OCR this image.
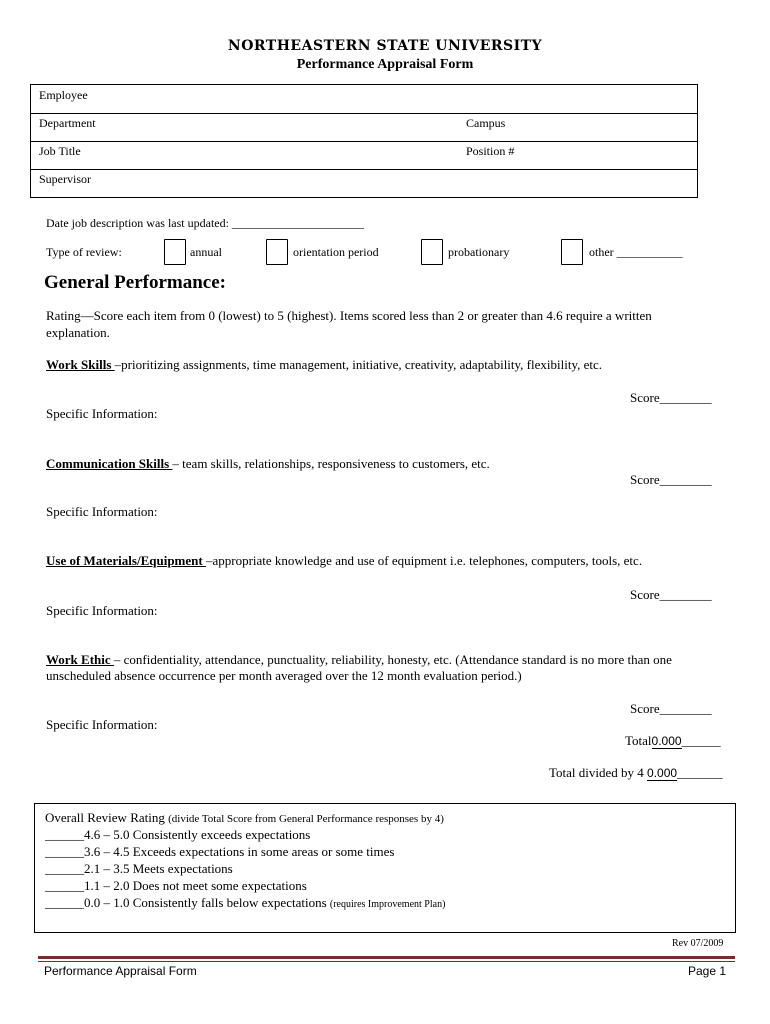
NORTHEASTERN STATE UNIVERSITY
Performance Appraisal Form
Employee
Department	Campus
Job Title	Position #
Supervisor
Date job description was last updated: ______________________
Type of review:	annual	orientation period	probationary	other ___________
General Performance:
Rating—Score each item from 0 (lowest) to 5 (highest). Items scored less than 2 or greater than 4.6 require a written
explanation.
Work Skills –prioritizing assignments, time management, initiative, creativity, adaptability, flexibility, etc.
Score________
Specific Information:
Communication Skills – team skills, relationships, responsiveness to customers, etc.
Score________
Specific Information:
Use of Materials/Equipment –appropriate knowledge and use of equipment i.e. telephones, computers, tools, etc.
Score________
Specific Information:
Work Ethic – confidentiality, attendance, punctuality, reliability, honesty, etc. (Attendance standard is no more than one
unscheduled absence occurrence per month averaged over the 12 month evaluation period.)
Score________
Specific Information:
Total0.000______
Total divided by 4 0.000_______
Overall Review Rating (divide Total Score from General Performance responses by 4)
______4.6 – 5.0 Consistently exceeds expectations
______3.6 – 4.5 Exceeds expectations in some areas or some times
______2.1 – 3.5 Meets expectations
______1.1 – 2.0 Does not meet some expectations
______0.0 – 1.0 Consistently falls below expectations (requires Improvement Plan)
Rev 07/2009
Performance Appraisal Form	Page 1
